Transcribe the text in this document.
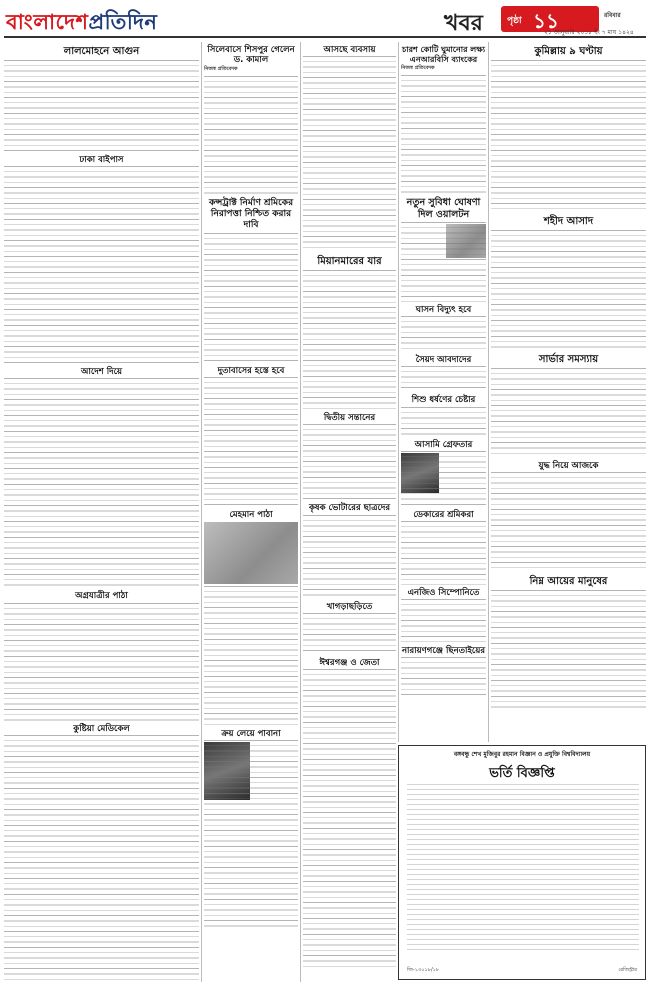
বাংলাদেশপ্রতিদিন	খবর	পৃষ্ঠা ১১	রবিবার
২১ জানুয়ারি ২০১৮ ইং ৭ মাঘ ১৪২৪
লালমোহনে আগুন
ঢাকা বাইপাস
আদেশ দিয়ে
অগ্রযাত্রীর পাঠা
কুষ্টিয়া মেডিকেল
সিলেবাসে শিসপুর গেলেন ড. কামাল
নিজস্ব প্রতিবেদক
কন্সট্রাক্ট নির্মাণ শ্রমিকের নিরাপত্তা নিশ্চিত করার দাবি
দুতাবাসের হস্তে হবে
মেহমান পাঠা
ক্রয় লেয়ে পাবানা
আসছে ব্যবসায়
মিয়ানমারের যার
দ্বিতীয় সন্তানের
কৃষক ভোটারের ছাত্রদের
খাগড়াছড়িতে
ঈশ্বরগঞ্জ ও জেতা
চারশ কোটি ঘুমানোর লক্ষ্য এনআরবিসি ব্যাংকের
নিজস্ব প্রতিবেদক
নতুন সুবিধা ঘোষণা দিল ওয়ালটন
ঘাসন বিদ্যুৎ হবে
সৈয়দ আবদাদের
শিশু ধর্ষণের চেষ্টার
আসামি গ্রেফতার
ডেকারের শ্রমিকরা
এনজিও সিম্পোনিতে
নারায়ণগঞ্জে ছিনতাইয়ের
কুমিল্লায় ৯ ঘণ্টায়
শহীদ আসাদ
সার্ভার সমস্যায়
যুদ্ধ নিয়ে আজকে
নিম্ন আয়ের মানুষের
বঙ্গবন্ধু শেখ মুজিবুর রহমান বিজ্ঞান ও প্রযুক্তি বিশ্ববিদ্যালয়
ভর্তি বিজ্ঞপ্তি
জি-১৩০১৮/১৮	রেজিস্ট্রার
